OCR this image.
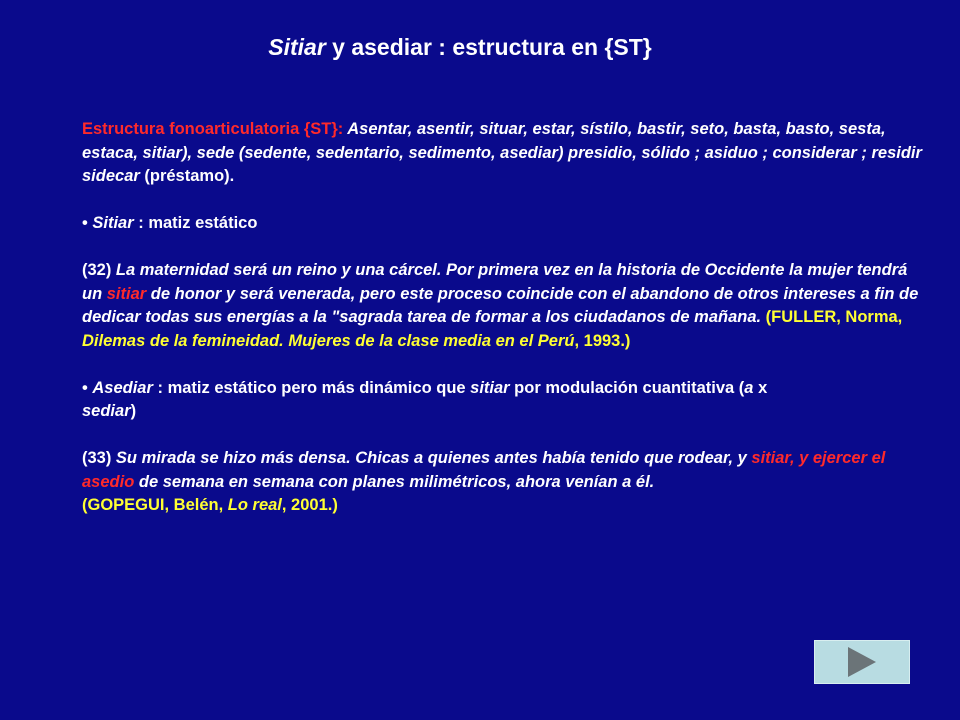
Sitiar y asediar : estructura en {ST}

Estructura fonoarticulatoria {ST}: Asentar, asentir, situar, estar, sístilo, bastir, seto, basta, basto, sesta, estaca, sitiar), sede (sedente, sedentario, sedimento, asediar) presidio, sólido ; asiduo ; considerar ; residir sidecar (préstamo).

• Sitiar : matiz estático

(32) La maternidad será un reino y una cárcel. Por primera vez en la historia de Occidente la mujer tendrá un sitiar de honor y será venerada, pero este proceso coincide con el abandono de otros intereses a fin de dedicar todas sus energías a la "sagrada tarea de formar a los ciudadanos de mañana. (FULLER, Norma, Dilemas de la femineidad. Mujeres de la clase media en el Perú, 1993.)

• Asediar : matiz estático pero más dinámico que sitiar por modulación cuantitativa (a x
sediar)

(33) Su mirada se hizo más densa. Chicas a quienes antes había tenido que rodear, y sitiar, y ejercer el asedio de semana en semana con planes milimétricos, ahora venían a él.
(GOPEGUI, Belén, Lo real, 2001.)
